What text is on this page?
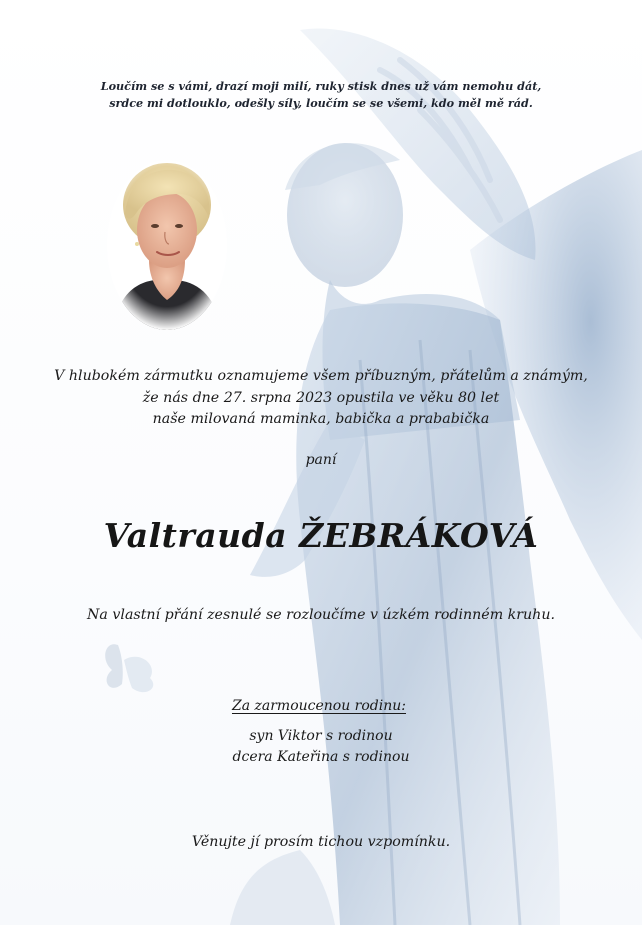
Loučím se s vámi, drazí moji milí, ruky stisk dnes už vám nemohu dát,
srdce mi dotlouklo, odešly síly, loučím se se všemi, kdo měl mě rád.
V hlubokém zármutku oznamujeme všem příbuzným, přátelům a známým,
že nás dne 27. srpna 2023 opustila ve věku 80 let
naše milovaná maminka, babička a prababička
paní
Valtrauda ŽEBRÁKOVÁ
Na vlastní přání zesnulé se rozloučíme v úzkém rodinném kruhu.
Za zarmoucenou rodinu:
syn Viktor s rodinou
dcera Kateřina s rodinou
Věnujte jí prosím tichou vzpomínku.
